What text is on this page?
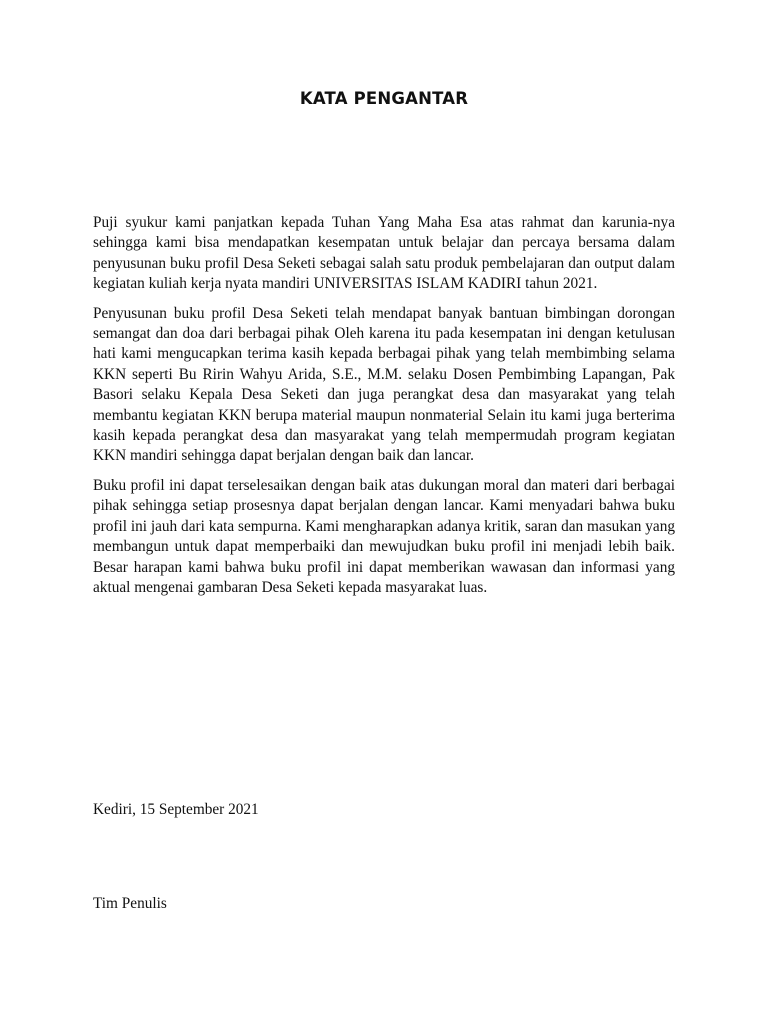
KATA PENGANTAR

Puji syukur kami panjatkan kepada Tuhan Yang Maha Esa atas rahmat dan karunia-nya sehingga kami bisa mendapatkan kesempatan untuk belajar dan percaya bersama dalam penyusunan buku profil Desa Seketi sebagai salah satu produk pembelajaran dan output dalam kegiatan kuliah kerja nyata mandiri UNIVERSITAS ISLAM KADIRI tahun 2021.

Penyusunan buku profil Desa Seketi telah mendapat banyak bantuan bimbingan dorongan semangat dan doa dari berbagai pihak Oleh karena itu pada kesempatan ini dengan ketulusan hati kami mengucapkan terima kasih kepada berbagai pihak yang telah membimbing selama KKN seperti Bu Ririn Wahyu Arida, S.E., M.M. selaku Dosen Pembimbing Lapangan, Pak Basori selaku Kepala Desa Seketi dan juga perangkat desa dan masyarakat yang telah membantu kegiatan KKN berupa material maupun nonmaterial Selain itu kami juga berterima kasih kepada perangkat desa dan masyarakat yang telah mempermudah program kegiatan KKN mandiri sehingga dapat berjalan dengan baik dan lancar.

Buku profil ini dapat terselesaikan dengan baik atas dukungan moral dan materi dari berbagai pihak sehingga setiap prosesnya dapat berjalan dengan lancar. Kami menyadari bahwa buku profil ini jauh dari kata sempurna. Kami mengharapkan adanya kritik, saran dan masukan yang membangun untuk dapat memperbaiki dan mewujudkan buku profil ini menjadi lebih baik. Besar harapan kami bahwa buku profil ini dapat memberikan wawasan dan informasi yang aktual mengenai gambaran Desa Seketi kepada masyarakat luas.

Kediri, 15 September 2021

Tim Penulis
